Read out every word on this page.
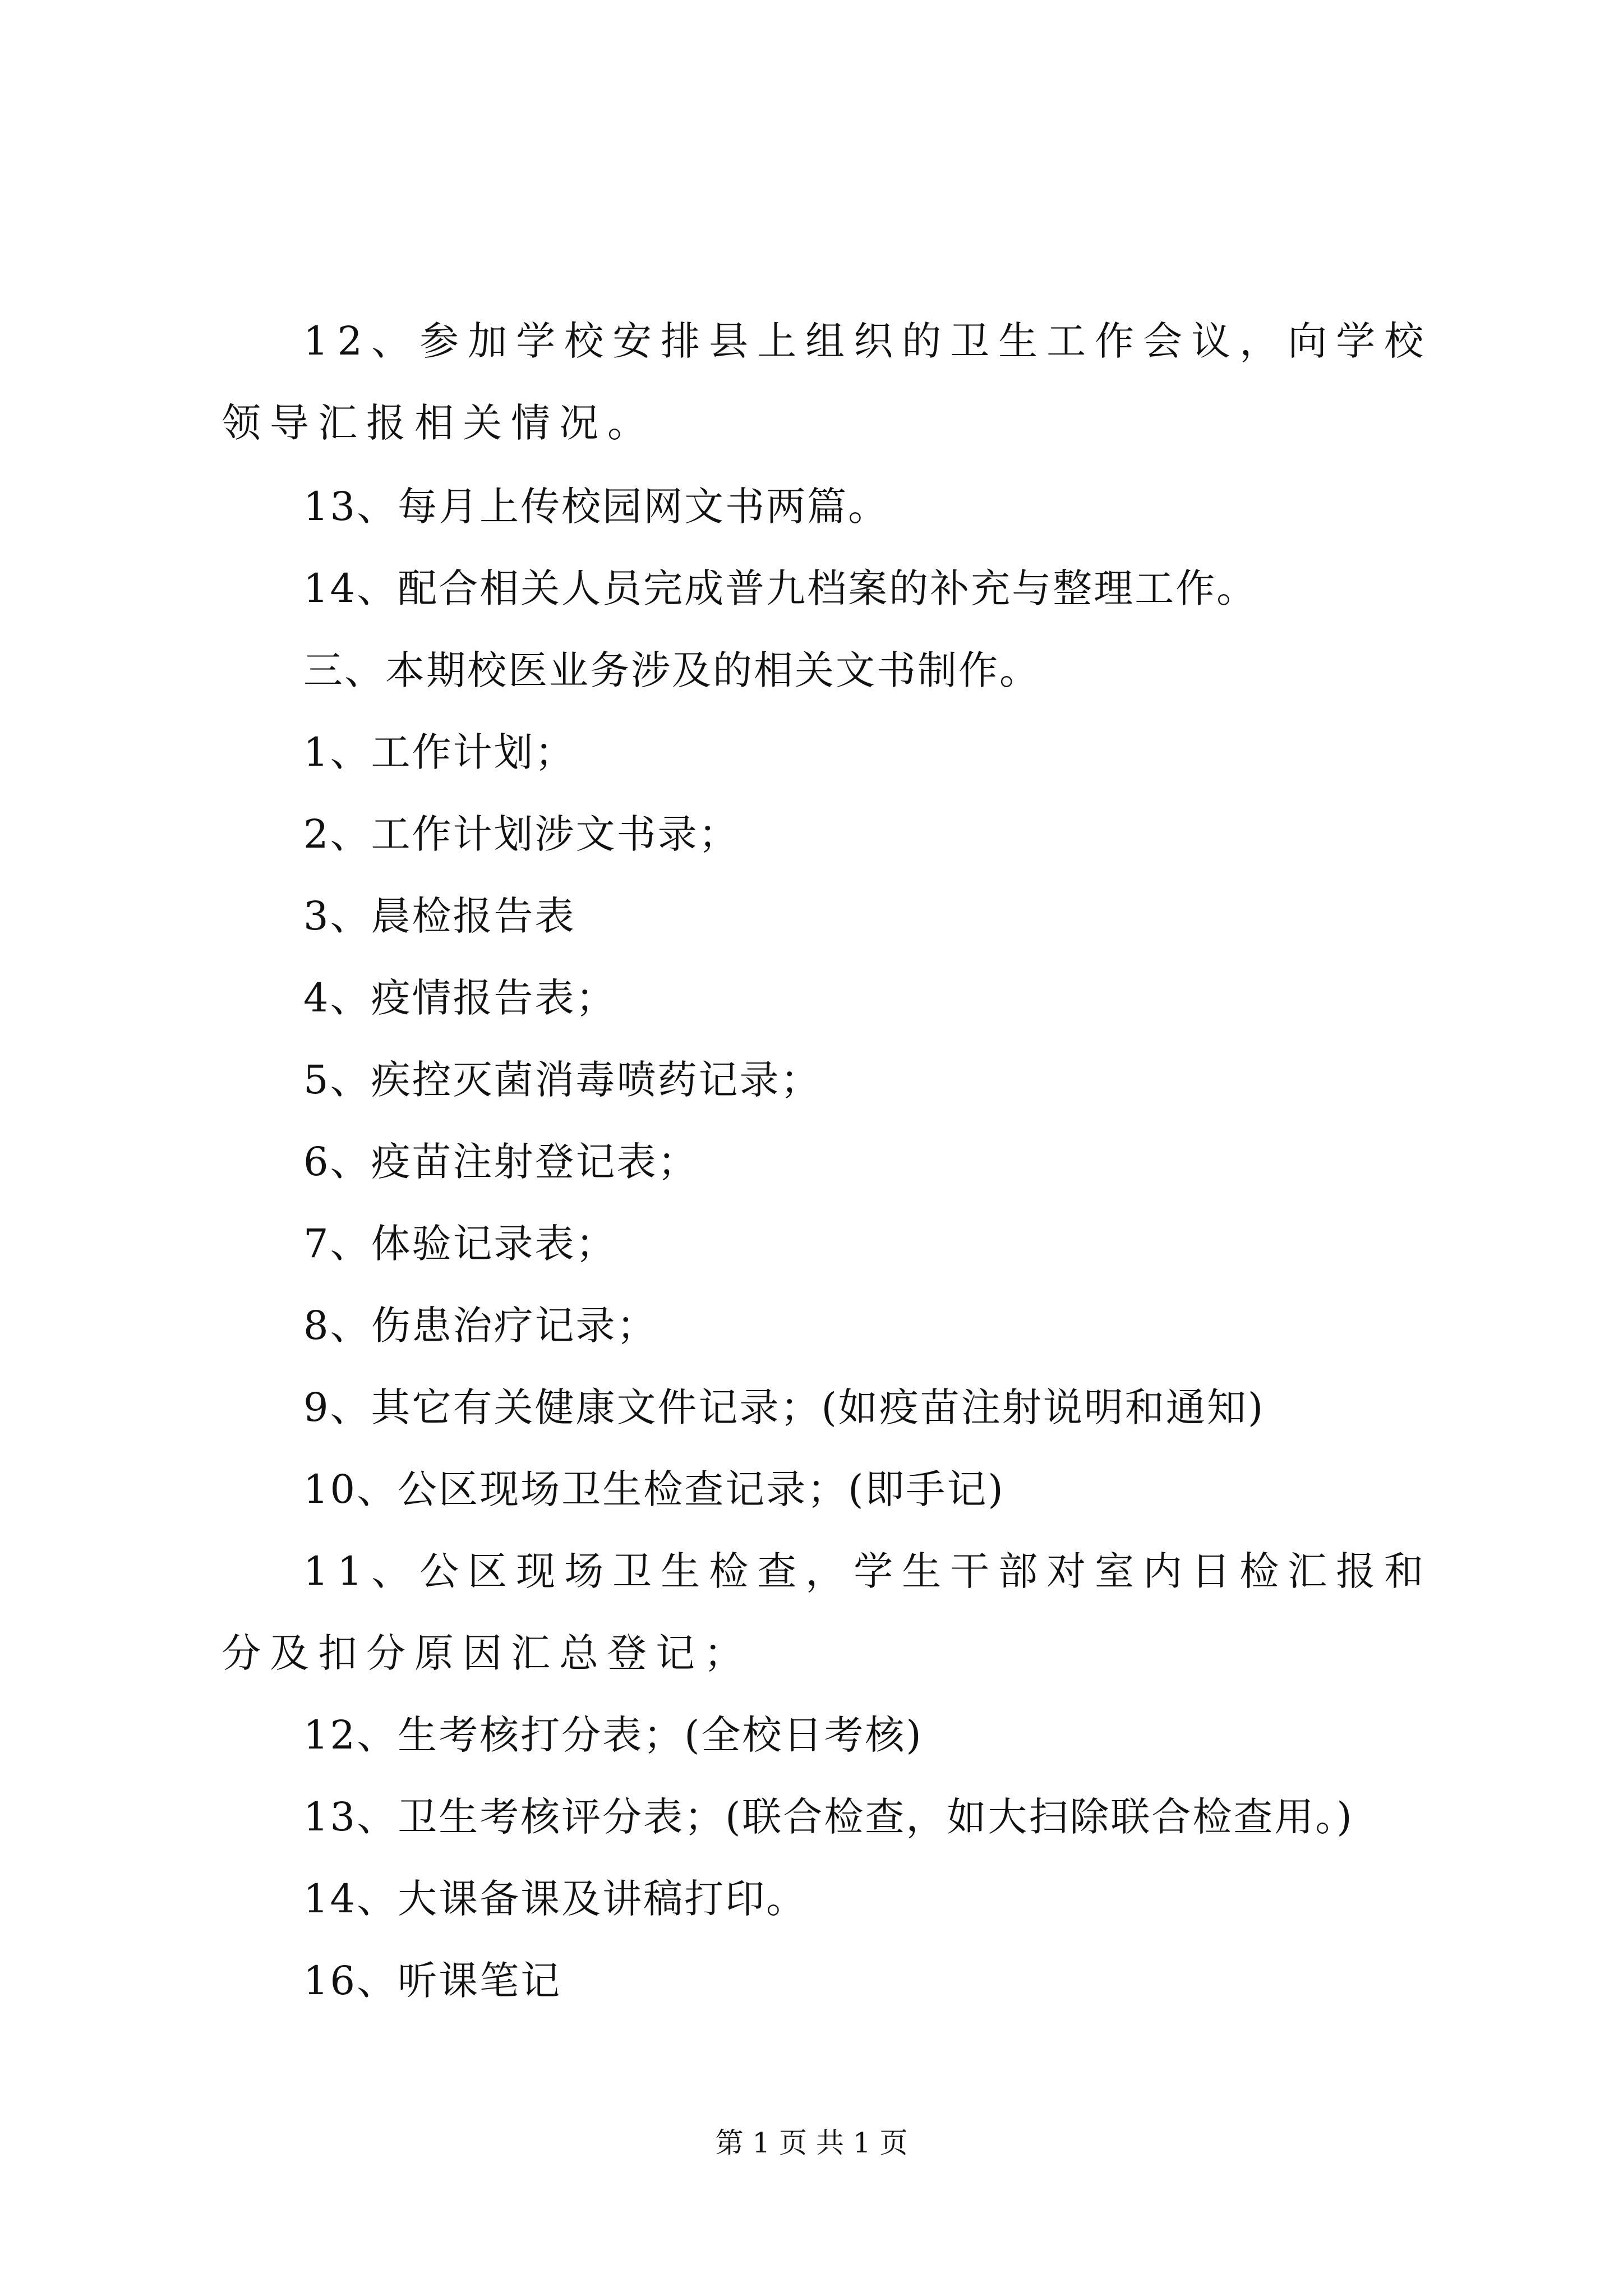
12、参加学校安排县上组织的卫生工作会议，向学校领导汇报相关情况。

13、每月上传校园网文书两篇。

14、配合相关人员完成普九档案的补充与整理工作。

三、本期校医业务涉及的相关文书制作。

1、工作计划；

2、工作计划涉文书录；

3、晨检报告表

4、疫情报告表；

5、疾控灭菌消毒喷药记录；

6、疫苗注射登记表；

7、体验记录表；

8、伤患治疗记录；

9、其它有关健康文件记录；(如疫苗注射说明和通知)

10、公区现场卫生检查记录；(即手记)

11、公区现场卫生检查，学生干部对室内日检汇报和分及扣分原因汇总登记；

12、生考核打分表；(全校日考核)

13、卫生考核评分表；(联合检查，如大扫除联合检查用。)

14、大课备课及讲稿打印。

16、听课笔记

第 1 页 共 1 页
